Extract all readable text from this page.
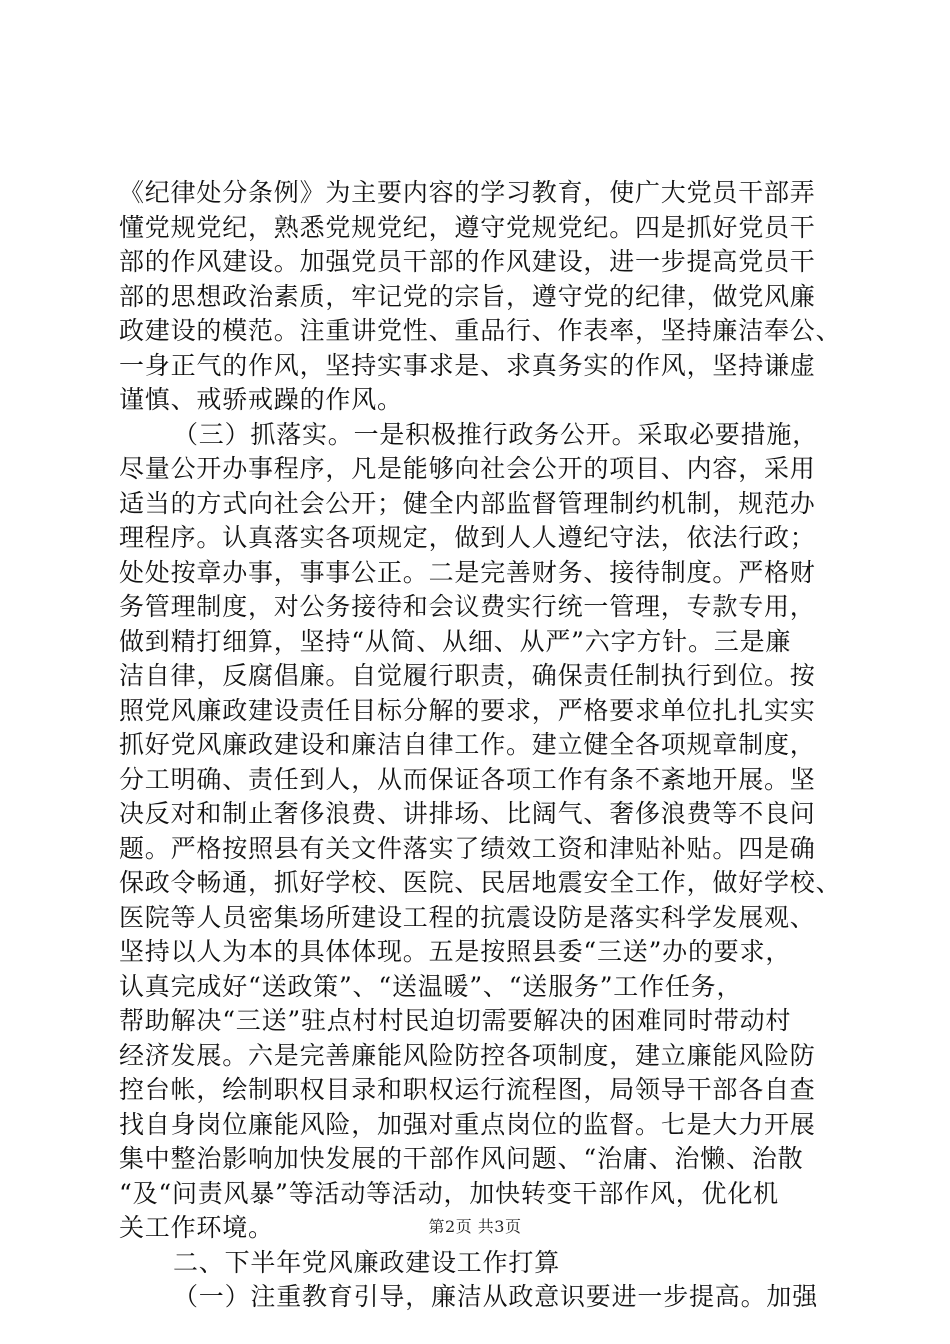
《纪律处分条例》为主要内容的学习教育，使广大党员干部弄
懂党规党纪，熟悉党规党纪，遵守党规党纪。四是抓好党员干
部的作风建设。加强党员干部的作风建设，进一步提高党员干
部的思想政治素质，牢记党的宗旨，遵守党的纪律，做党风廉
政建设的模范。注重讲党性、重品行、作表率，坚持廉洁奉公、
一身正气的作风，坚持实事求是、求真务实的作风，坚持谦虚
谨慎、戒骄戒躁的作风。
（三）抓落实。一是积极推行政务公开。采取必要措施，
尽量公开办事程序，凡是能够向社会公开的项目、内容，采用
适当的方式向社会公开；健全内部监督管理制约机制，规范办
理程序。认真落实各项规定，做到人人遵纪守法，依法行政；
处处按章办事，事事公正。二是完善财务、接待制度。严格财
务管理制度，对公务接待和会议费实行统一管理，专款专用，
做到精打细算，坚持“从简、从细、从严”六字方针。三是廉
洁自律，反腐倡廉。自觉履行职责，确保责任制执行到位。按
照党风廉政建设责任目标分解的要求，严格要求单位扎扎实实
抓好党风廉政建设和廉洁自律工作。建立健全各项规章制度，
分工明确、责任到人，从而保证各项工作有条不紊地开展。坚
决反对和制止奢侈浪费、讲排场、比阔气、奢侈浪费等不良问
题。严格按照县有关文件落实了绩效工资和津贴补贴。四是确
保政令畅通，抓好学校、医院、民居地震安全工作，做好学校、
医院等人员密集场所建设工程的抗震设防是落实科学发展观、
坚持以人为本的具体体现。五是按照县委“三送”办的要求，
认真完成好“送政策”、“送温暖”、“送服务”工作任务，
帮助解决“三送”驻点村村民迫切需要解决的困难同时带动村
经济发展。六是完善廉能风险防控各项制度，建立廉能风险防
控台帐，绘制职权目录和职权运行流程图，局领导干部各自查
找自身岗位廉能风险，加强对重点岗位的监督。七是大力开展
集中整治影响加快发展的干部作风问题、“治庸、治懒、治散
“及“问责风暴”等活动等活动，加快转变干部作风，优化机
关工作环境。
二、下半年党风廉政建设工作打算
（一）注重教育引导，廉洁从政意识要进一步提高。加强
第2页 共3页
